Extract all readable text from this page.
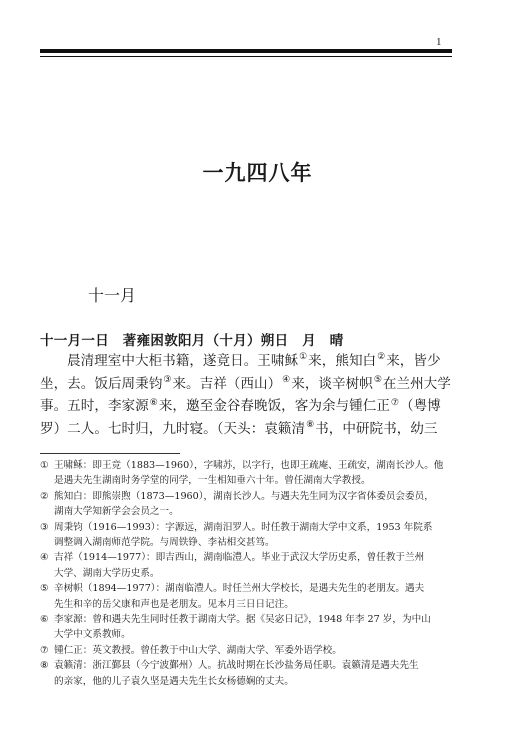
1
一九四八年
十一月
十一月一日　著雍困敦阳月（十月）朔日　月　晴
晨清理室中大柜书籍，遂竟日。王啸稣①来，熊知白②来，皆少
坐，去。饭后周秉钧③来。吉祥（西山）④来，谈辛树帜⑤在兰州大学
事。五时，李家源⑥来，邀至金谷春晚饭，客为余与锺仁正⑦（粤博
罗）二人。七时归，九时寝。（天头：袁籁清⑧书，中研院书，幼三
① 王啸稣：即王竞（1883—1960），字啸苏，以字行，也即王疏庵、王疏安，湖南长沙人。他
是遇夫先生湖南时务学堂的同学，一生相知垂六十年。曾任湖南大学教授。
② 熊知白：即熊崇煦（1873—1960），湖南长沙人。与遇夫先生同为汉字省体委员会委员，
湖南大学知新学会会员之一。
③ 周秉钧（1916—1993）：字源远，湖南汨罗人。时任教于湖南大学中文系，1953 年院系
调整调入湖南师范学院。与周铁铮、李祜相交甚笃。
④ 吉祥（1914—1977）：即吉西山，湖南临澧人。毕业于武汉大学历史系，曾任教于兰州
大学、湖南大学历史系。
⑤ 辛树帜（1894—1977）：湖南临澧人。时任兰州大学校长，是遇夫先生的老朋友。遇夫
先生和辛的岳父康和声也是老朋友。见本月三日日记注。
⑥ 李家源：曾和遇夫先生同时任教于湖南大学。据《吴宓日记》，1948 年李 27 岁，为中山
大学中文系教师。
⑦ 锺仁正：英文教授。曾任教于中山大学、湖南大学、军委外语学校。
⑧ 袁籁清：浙江鄞县（今宁波鄞州）人。抗战时期在长沙盐务局任职。袁籁清是遇夫先生
的亲家，他的儿子袁久坚是遇夫先生长女杨德娴的丈夫。
